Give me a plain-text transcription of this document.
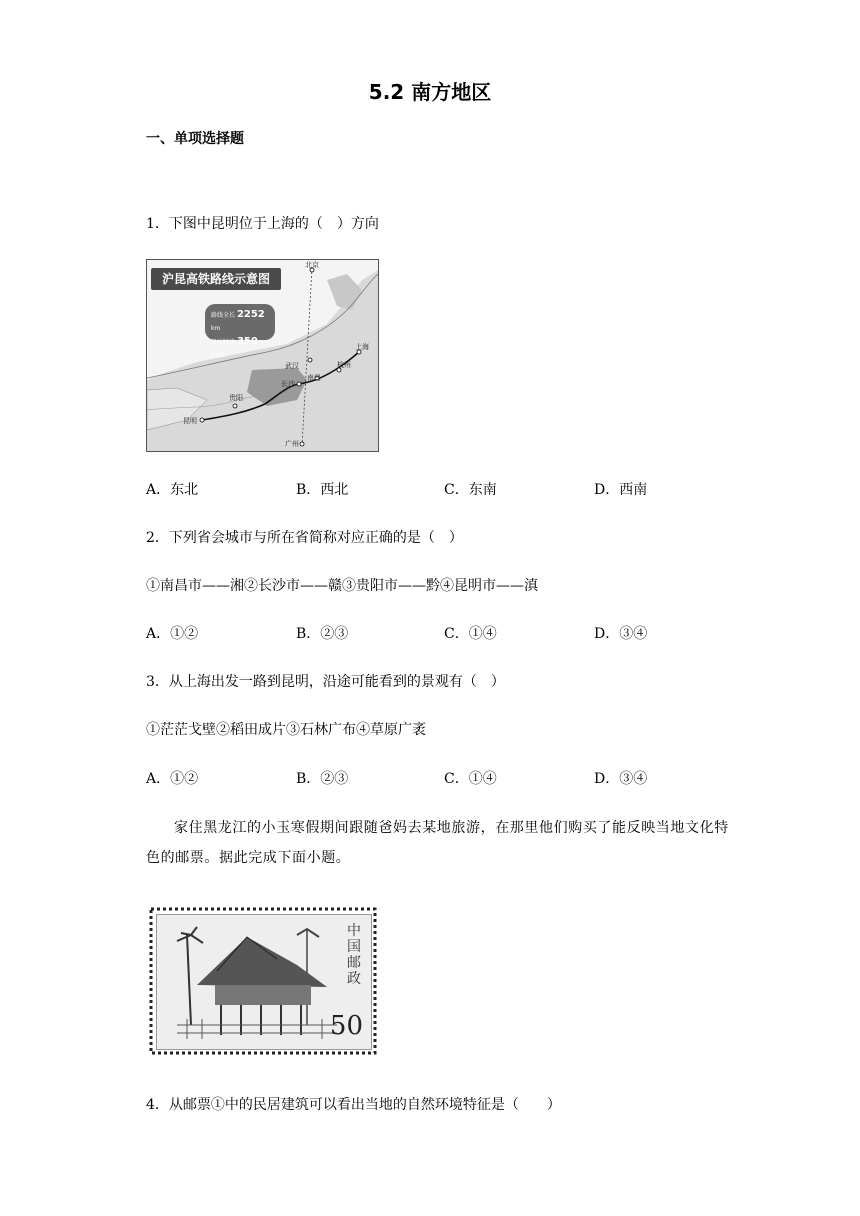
5.2 南方地区
一、单项选择题
1．下图中昆明位于上海的（　）方向
沪昆高铁路线示意图
路线全长 2252 km
设计时速 350 km/h
北京
上海
武汉	杭州
长沙
南昌
贵阳
昆明
广州
A．东北	B．西北	C．东南	D．西南
2．下列省会城市与所在省简称对应正确的是（　）
①南昌市——湘②长沙市——赣③贵阳市——黔④昆明市——滇
A．①②	B．②③	C．①④	D．③④
3．从上海出发一路到昆明，沿途可能看到的景观有（　）
①茫茫戈壁②稻田成片③石林广布④草原广袤
A．①②	B．②③	C．①④	D．③④
家住黑龙江的小玉寒假期间跟随爸妈去某地旅游，在那里他们购买了能反映当地文化特色的邮票。据此完成下面小题。
中国邮政
50
4．从邮票①中的民居建筑可以看出当地的自然环境特征是（　　）
